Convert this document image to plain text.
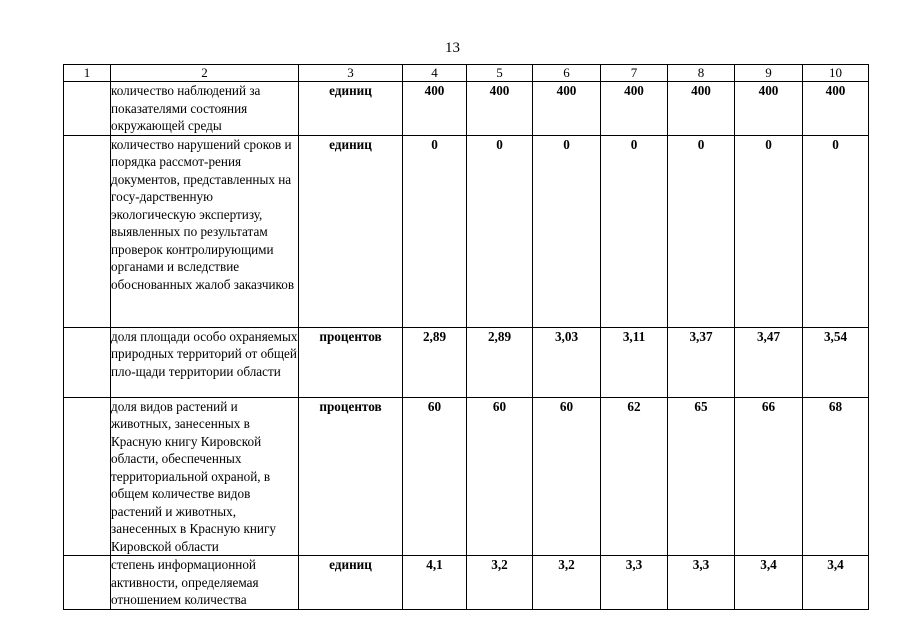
13
1	2	3	4	5	6	7	8	9	10
	количество наблюдений за показателями состояния окружающей среды	единиц	400	400	400	400	400	400	400
	количество нарушений сроков и порядка рассмот-рения документов, представленных на госу-дарственную экологическую экспертизу, выявленных по результатам проверок контролирующими органами и вследствие обоснованных жалоб заказчиков	единиц	0	0	0	0	0	0	0
	доля площади особо охраняемых природных территорий от общей пло-щади территории области	процентов	2,89	2,89	3,03	3,11	3,37	3,47	3,54
	доля видов растений и животных, занесенных в Красную книгу Кировской области, обеспеченных территориальной охраной, в общем количестве видов растений и животных, занесенных в Красную книгу Кировской области	процентов	60	60	60	62	65	66	68
	степень информационной активности, определяемая отношением количества	единиц	4,1	3,2	3,2	3,3	3,3	3,4	3,4
